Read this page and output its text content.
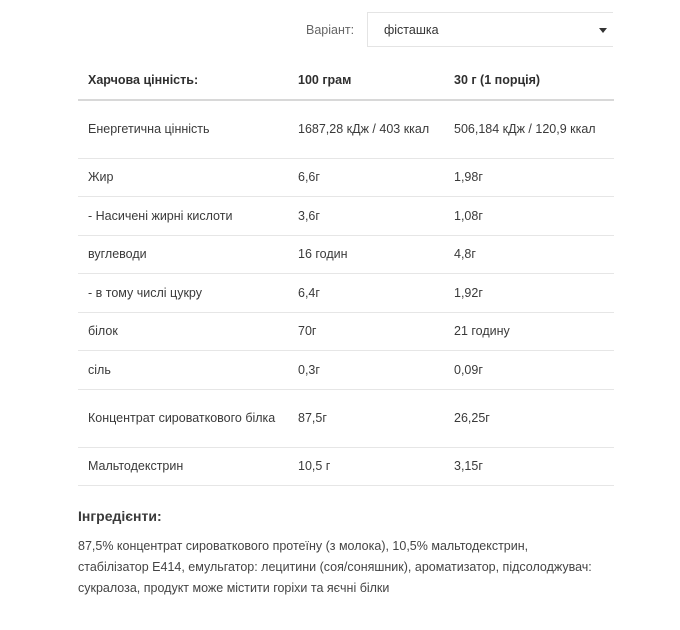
Варіант: фісташка
Харчова цінність:	100 грам	30 г (1 порція)
Енергетична цінність	1687,28 кДж / 403 ккал	506,184 кДж / 120,9 ккал
Жир	6,6г	1,98г
- Насичені жирні кислоти	3,6г	1,08г
вуглеводи	16 годин	4,8г
- в тому числі цукру	6,4г	1,92г
білок	70г	21 годину
сіль	0,3г	0,09г
Концентрат сироваткового білка	87,5г	26,25г
Мальтодекстрин	10,5 г	3,15г
Інгредієнти:
87,5% концентрат сироваткового протеїну (з молока), 10,5% мальтодекстрин, стабілізатор Е414, емульгатор: лецитини (соя/соняшник), ароматизатор, підсолоджувач: сукралоза, продукт може містити горіхи та яєчні білки
